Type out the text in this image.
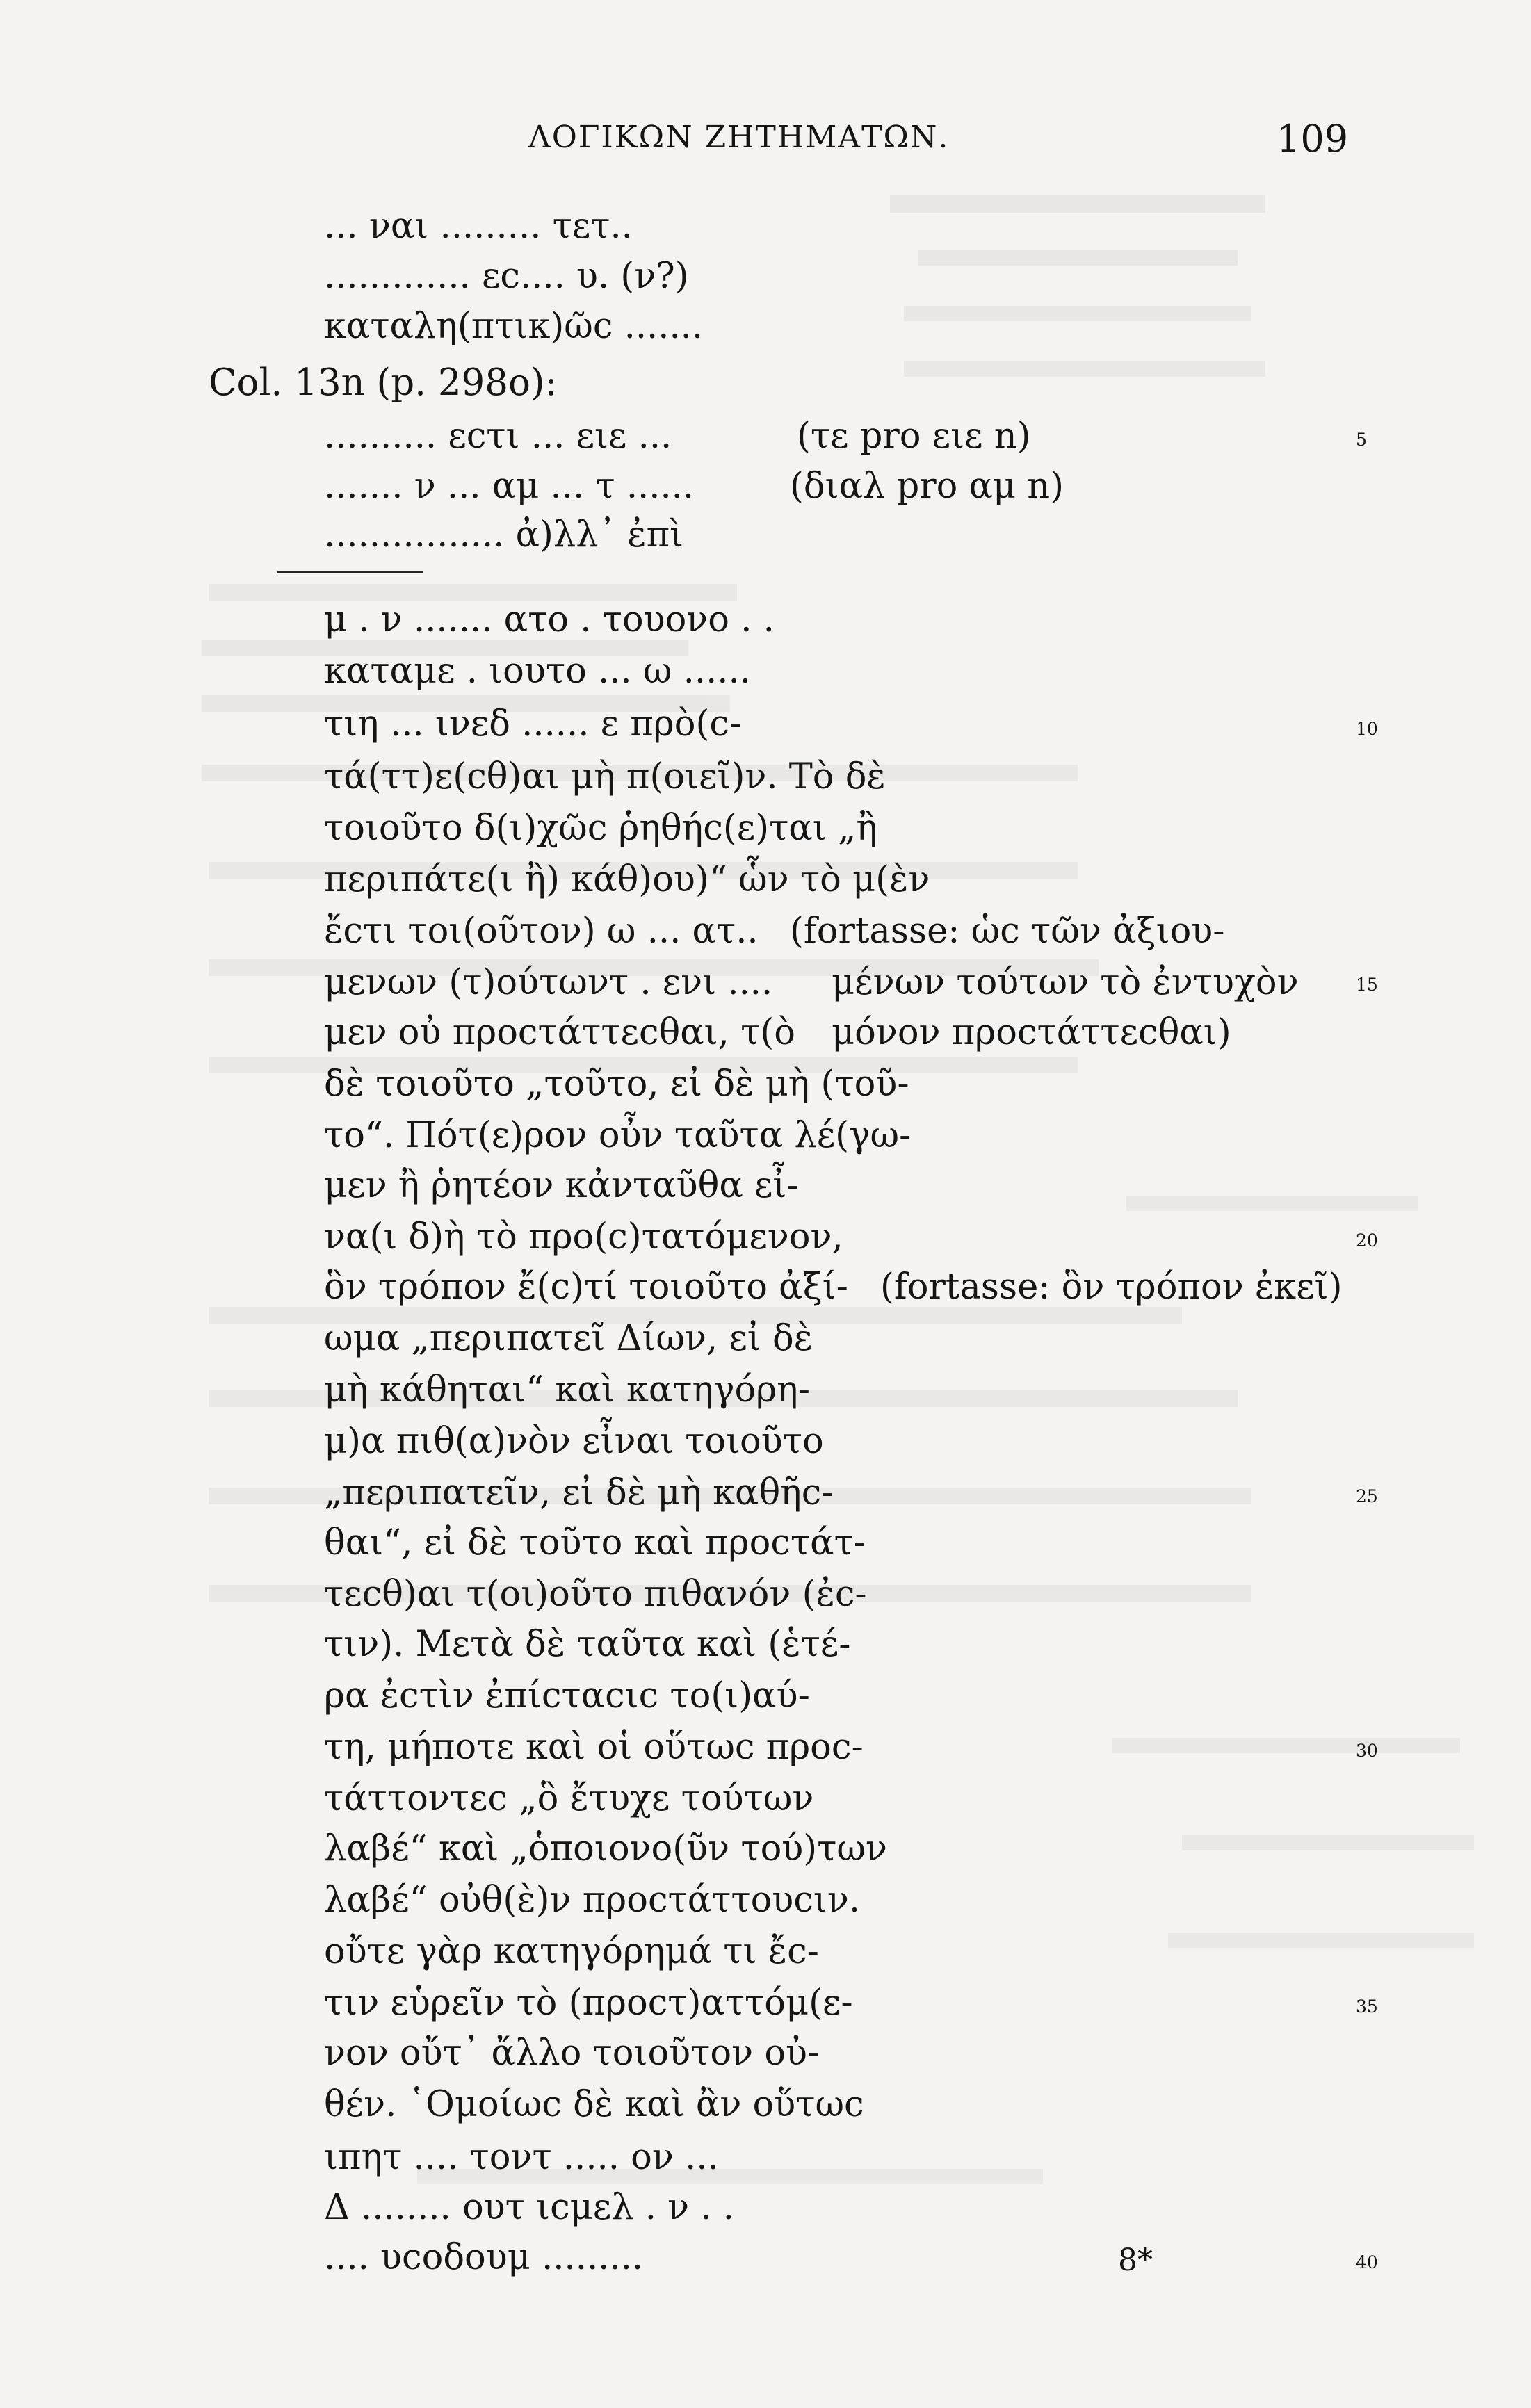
ΛΟΓΙΚΩΝ ΖΗΤΗΜΑΤΩΝ.	109
... ναι ......... τετ..
............. εϲ.... υ. (ν?)
καταλη(πτικ)ῶϲ .......
Col. 13n (p. 298o):
.......... εϲτι ... ειε ...	(τε pro ειε n)
....... ν ... αμ ... τ ......	(διαλ pro αμ n)
................ ἀ)λλ᾽ ἐπὶ
μ . ν ....... ατο . τουονο . .
καταμε . ιουτο ... ω ......
τιη ... ινεδ ...... ε πρὸ(ϲ-
τά(ττ)ε(ϲθ)αι μὴ π(οιεῖ)ν. Τὸ δὲ
τοιοῦτο δ(ι)χῶϲ ῥηθήϲ(ε)ται „ἢ
περιπάτε(ι ἢ) κάθ)ου)“ ὧν τὸ μ(ὲν
ἔϲτι τοι(οῦτον) ω ... ατ.. (fortasse: ὡϲ τῶν ἀξιου-
μενων (τ)ούτωντ . ενι .... μένων τούτων τὸ ἐντυχὸν
μεν οὐ προϲτάττεϲθαι, τ(ὸ μόνον προϲτάττεϲθαι)
δὲ τοιοῦτο „τοῦτο, εἰ δὲ μὴ (τοῦ-
το“. Πότ(ε)ρον οὖν ταῦτα λέ(γω-
μεν ἢ ῥητέον κἀνταῦθα εἶ-
να(ι δ)ὴ τὸ προ(ϲ)τατόμενον,
ὃν τρόπον ἔ(ϲ)τί τοιοῦτο ἀξί- (fortasse: ὃν τρόπον ἐκεῖ)
ωμα „περιπατεῖ Δίων, εἰ δὲ
μὴ κάθηται“ καὶ κατηγόρη-
μ)α πιθ(α)νὸν εἶναι τοιοῦτο
„περιπατεῖν, εἰ δὲ μὴ καθῆϲ-
θαι“, εἰ δὲ τοῦτο καὶ προϲτάτ-
τεϲθ)αι τ(οι)οῦτο πιθανόν (ἐϲ-
τιν). Μετὰ δὲ ταῦτα καὶ (ἑτέ-
ρα ἐϲτὶν ἐπίϲταϲιϲ το(ι)αύ-
τη, μήποτε καὶ οἱ οὕτωϲ προϲ-
τάττοντεϲ „ὃ ἔτυχε τούτων
λαβέ“ καὶ „ὁποιονο(ῦν τού)των
λαβέ“ οὐθ(ὲ)ν προϲτάττουϲιν.
οὔτε γὰρ κατηγόρημά τι ἔϲ-
τιν εὑρεῖν τὸ (προϲτ)αττόμ(ε-
νον οὔτ᾽ ἄλλο τοιοῦτον οὐ-
θέν. ῾Ομοίωϲ δὲ καὶ ἂν οὕτωϲ
ιπητ .... τοντ ..... ον ...
Δ ........ ουτ ιϲμελ . ν . .
.... υϲοδουμ .........
5
10
15
20
25
30
35
40
8*
